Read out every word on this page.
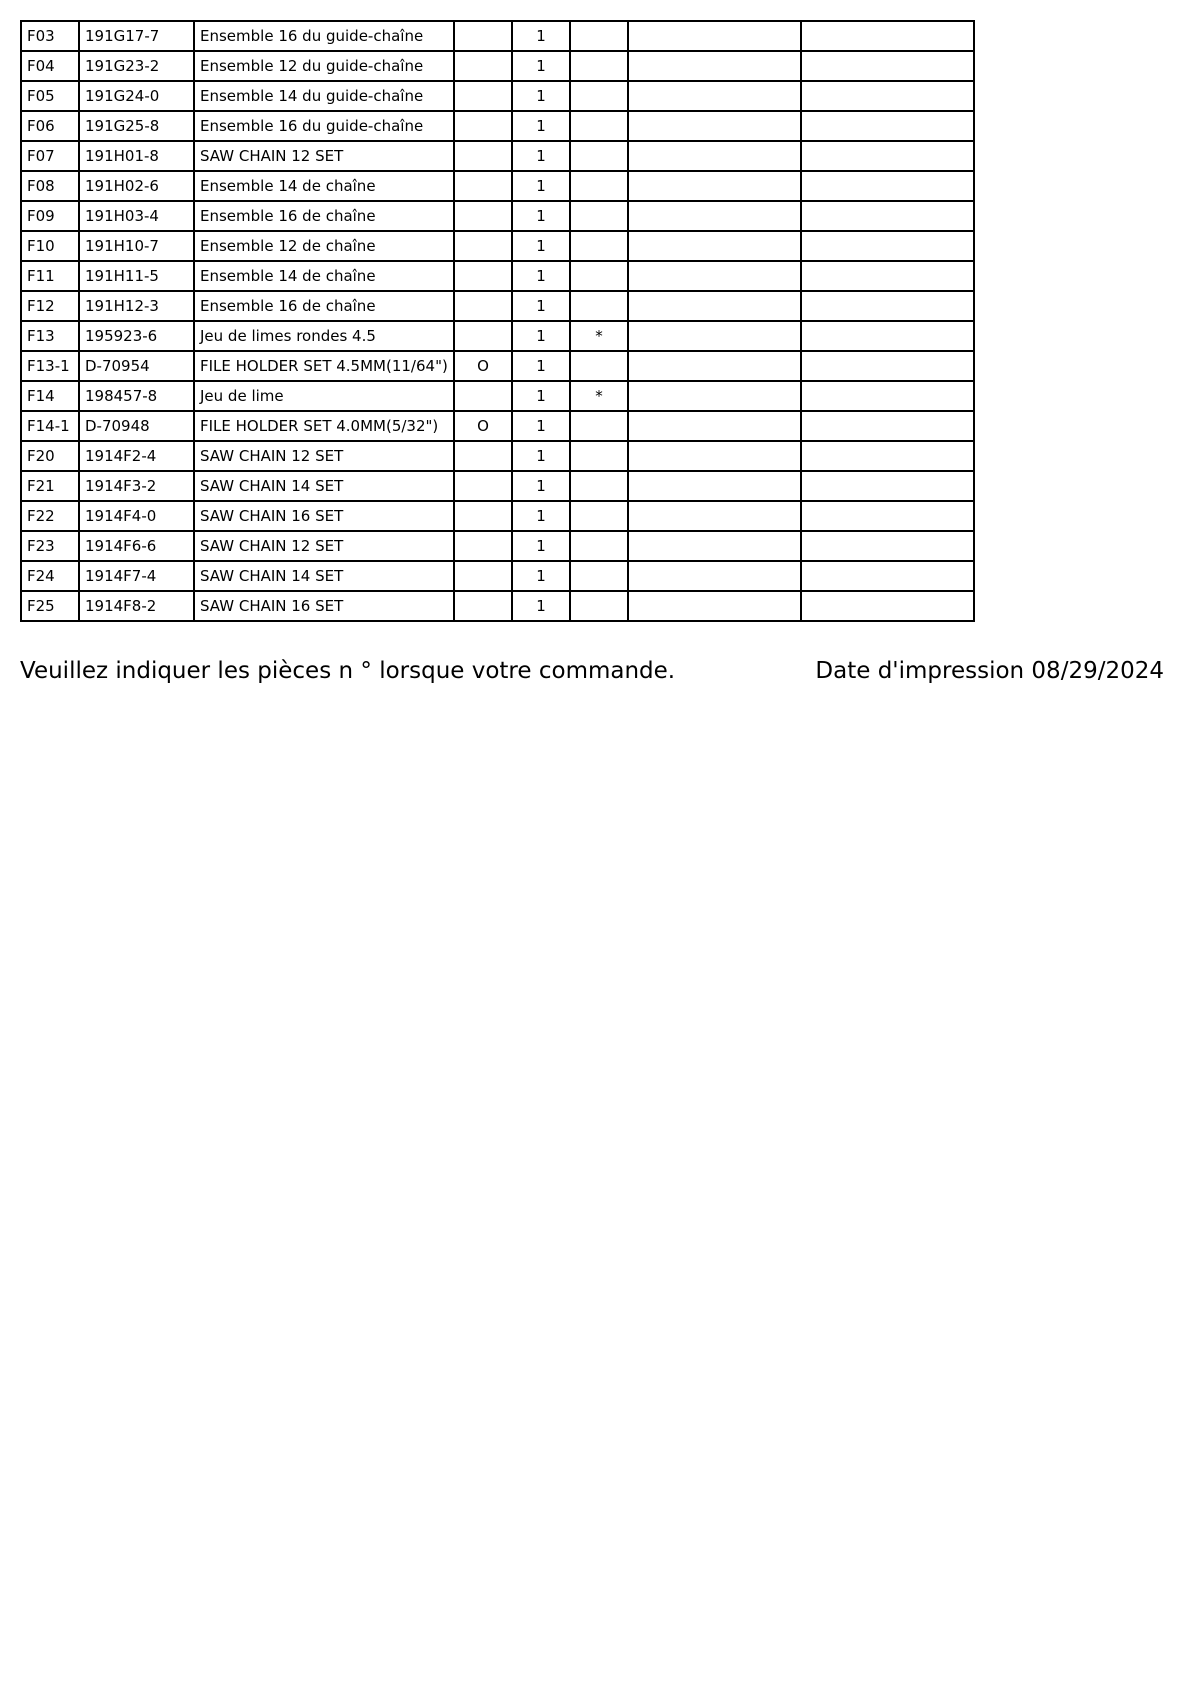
F03	191G17-7	Ensemble 16 du guide-chaîne		1			
F04	191G23-2	Ensemble 12 du guide-chaîne		1			
F05	191G24-0	Ensemble 14 du guide-chaîne		1			
F06	191G25-8	Ensemble 16 du guide-chaîne		1			
F07	191H01-8	SAW CHAIN 12 SET		1			
F08	191H02-6	Ensemble 14 de chaîne		1			
F09	191H03-4	Ensemble 16 de chaîne		1			
F10	191H10-7	Ensemble 12 de chaîne		1			
F11	191H11-5	Ensemble 14 de chaîne		1			
F12	191H12-3	Ensemble 16 de chaîne		1			
F13	195923-6	Jeu de limes rondes 4.5		1	*		
F13-1	D-70954	FILE HOLDER SET 4.5MM(11/64")	O	1			
F14	198457-8	Jeu de lime		1	*		
F14-1	D-70948	FILE HOLDER SET 4.0MM(5/32")	O	1			
F20	1914F2-4	SAW CHAIN 12 SET		1			
F21	1914F3-2	SAW CHAIN 14 SET		1			
F22	1914F4-0	SAW CHAIN 16 SET		1			
F23	1914F6-6	SAW CHAIN 12 SET		1			
F24	1914F7-4	SAW CHAIN 14 SET		1			
F25	1914F8-2	SAW CHAIN 16 SET		1			
Veuillez indiquer les pièces n ° lorsque votre commande.	Date d'impression 08/29/2024
